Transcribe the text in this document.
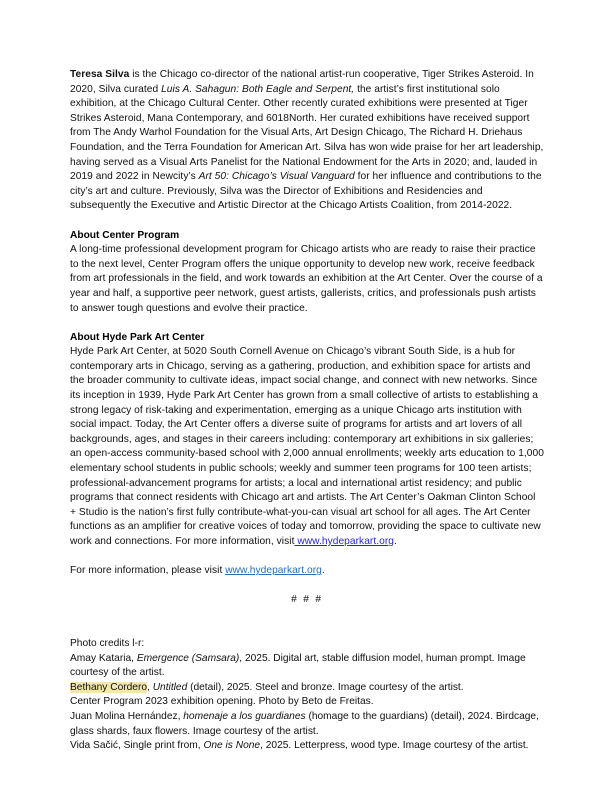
Teresa Silva is the Chicago co-director of the national artist-run cooperative, Tiger Strikes Asteroid. In 2020, Silva curated Luis A. Sahagun: Both Eagle and Serpent, the artist’s first institutional solo exhibition, at the Chicago Cultural Center. Other recently curated exhibitions were presented at Tiger Strikes Asteroid, Mana Contemporary, and 6018North. Her curated exhibitions have received support from The Andy Warhol Foundation for the Visual Arts, Art Design Chicago, The Richard H. Driehaus Foundation, and the Terra Foundation for American Art. Silva has won wide praise for her art leadership, having served as a Visual Arts Panelist for the National Endowment for the Arts in 2020; and, lauded in 2019 and 2022 in Newcity’s Art 50: Chicago’s Visual Vanguard for her influence and contributions to the city’s art and culture. Previously, Silva was the Director of Exhibitions and Residencies and subsequently the Executive and Artistic Director at the Chicago Artists Coalition, from 2014-2022.

About Center Program

A long-time professional development program for Chicago artists who are ready to raise their practice to the next level, Center Program offers the unique opportunity to develop new work, receive feedback from art professionals in the field, and work towards an exhibition at the Art Center. Over the course of a year and half, a supportive peer network, guest artists, gallerists, critics, and professionals push artists to answer tough questions and evolve their practice.

About Hyde Park Art Center

Hyde Park Art Center, at 5020 South Cornell Avenue on Chicago’s vibrant South Side, is a hub for contemporary arts in Chicago, serving as a gathering, production, and exhibition space for artists and the broader community to cultivate ideas, impact social change, and connect with new networks. Since its inception in 1939, Hyde Park Art Center has grown from a small collective of artists to establishing a strong legacy of risk-taking and experimentation, emerging as a unique Chicago arts institution with social impact. Today, the Art Center offers a diverse suite of programs for artists and art lovers of all backgrounds, ages, and stages in their careers including: contemporary art exhibitions in six galleries; an open-access community-based school with 2,000 annual enrollments; weekly arts education to 1,000 elementary school students in public schools; weekly and summer teen programs for 100 teen artists; professional-advancement programs for artists; a local and international artist residency; and public programs that connect residents with Chicago art and artists. The Art Center’s Oakman Clinton School + Studio is the nation’s first fully contribute-what-you-can visual art school for all ages. The Art Center functions as an amplifier for creative voices of today and tomorrow, providing the space to cultivate new work and connections. For more information, visit www.hydeparkart.org.

For more information, please visit www.hydeparkart.org.

# # #

Photo credits l-r:

Amay Kataria, Emergence (Samsara), 2025. Digital art, stable diffusion model, human prompt. Image courtesy of the artist.

Bethany Cordero, Untitled (detail), 2025. Steel and bronze. Image courtesy of the artist.

Center Program 2023 exhibition opening. Photo by Beto de Freitas.

Juan Molina Hernández, homenaje a los guardianes (homage to the guardians) (detail), 2024. Birdcage, glass shards, faux flowers. Image courtesy of the artist.

Vida Sačić, Single print from, One is None, 2025. Letterpress, wood type. Image courtesy of the artist.
